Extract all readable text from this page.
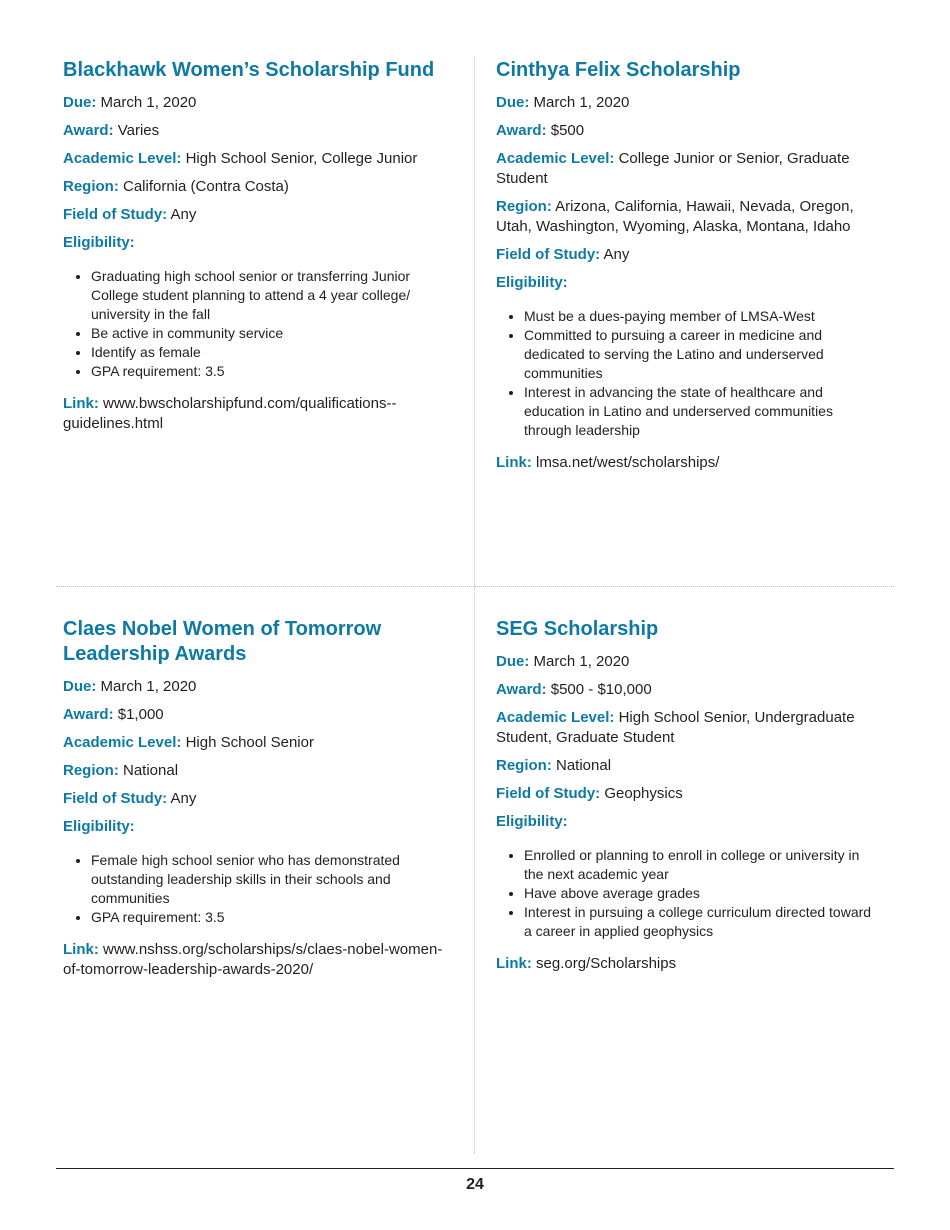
Blackhawk Women’s Scholarship Fund

Due: March 1, 2020

Award: Varies

Academic Level: High School Senior, College Junior

Region: California (Contra Costa)

Field of Study: Any

Eligibility:

• Graduating high school senior or transferring Junior College student planning to attend a 4 year college/ university in the fall
• Be active in community service
• Identify as female
• GPA requirement: 3.5

Link: www.bwscholarshipfund.com/qualifications--guidelines.html

Cinthya Felix Scholarship

Due: March 1, 2020

Award: $500

Academic Level: College Junior or Senior, Graduate Student

Region: Arizona, California, Hawaii, Nevada, Oregon, Utah, Washington, Wyoming, Alaska, Montana, Idaho

Field of Study: Any

Eligibility:

• Must be a dues-paying member of LMSA-West
• Committed to pursuing a career in medicine and dedicated to serving the Latino and underserved communities
• Interest in advancing the state of healthcare and education in Latino and underserved communities through leadership

Link: lmsa.net/west/scholarships/

Claes Nobel Women of Tomorrow Leadership Awards

Due: March 1, 2020

Award: $1,000

Academic Level: High School Senior

Region: National

Field of Study: Any

Eligibility:

• Female high school senior who has demonstrated outstanding leadership skills in their schools and communities
• GPA requirement: 3.5

Link: www.nshss.org/scholarships/s/claes-nobel-women-of-tomorrow-leadership-awards-2020/

SEG Scholarship

Due: March 1, 2020

Award: $500 - $10,000

Academic Level: High School Senior, Undergraduate Student, Graduate Student

Region: National

Field of Study: Geophysics

Eligibility:

• Enrolled or planning to enroll in college or university in the next academic year
• Have above average grades
• Interest in pursuing a college curriculum directed toward a career in applied geophysics

Link: seg.org/Scholarships

24
